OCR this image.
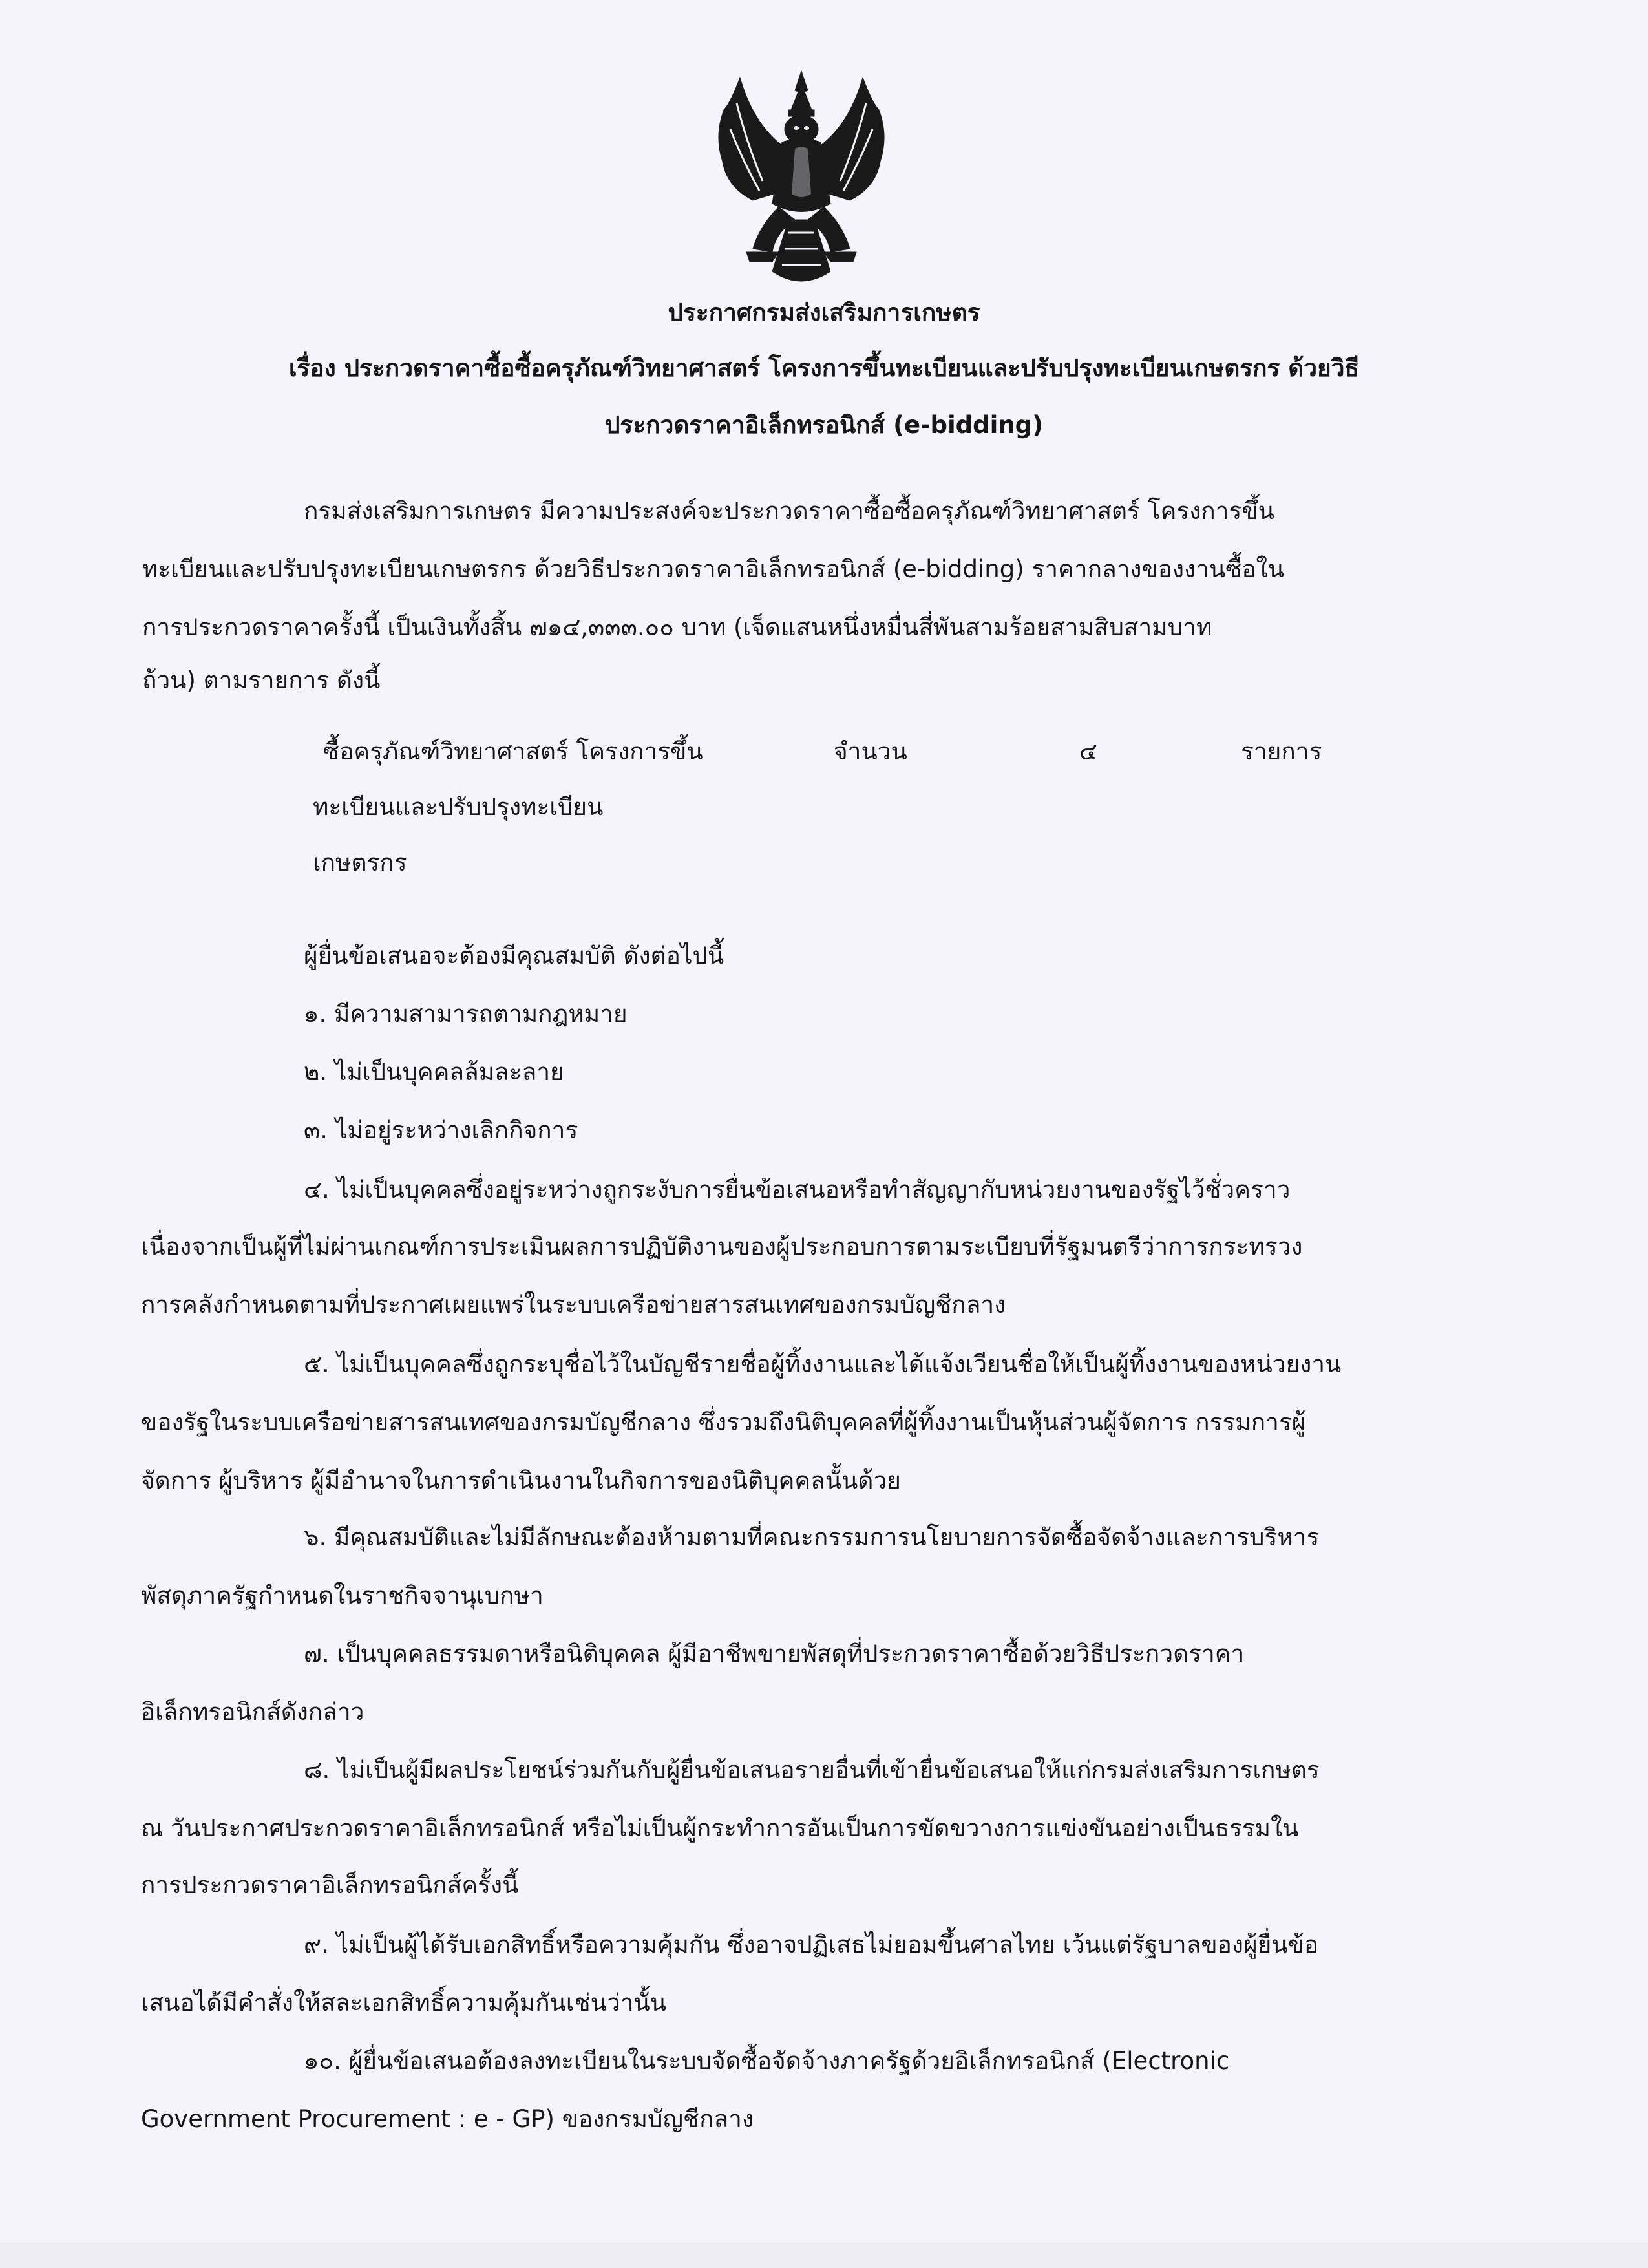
ประกาศกรมส่งเสริมการเกษตร
เรื่อง ประกวดราคาซื้อซื้อครุภัณฑ์วิทยาศาสตร์ โครงการขึ้นทะเบียนและปรับปรุงทะเบียนเกษตรกร ด้วยวิธี
ประกวดราคาอิเล็กทรอนิกส์ (e-bidding)
กรมส่งเสริมการเกษตร มีความประสงค์จะประกวดราคาซื้อซื้อครุภัณฑ์วิทยาศาสตร์ โครงการขึ้น
ทะเบียนและปรับปรุงทะเบียนเกษตรกร ด้วยวิธีประกวดราคาอิเล็กทรอนิกส์ (e-bidding) ราคากลางของงานซื้อใน
การประกวดราคาครั้งนี้ เป็นเงินทั้งสิ้น ๗๑๔,๓๓๓.๐๐ บาท (เจ็ดแสนหนึ่งหมื่นสี่พันสามร้อยสามสิบสามบาท
ถ้วน) ตามรายการ ดังนี้
ซื้อครุภัณฑ์วิทยาศาสตร์ โครงการขึ้น	จำนวน	๔	รายการ
ทะเบียนและปรับปรุงทะเบียน
เกษตรกร
ผู้ยื่นข้อเสนอจะต้องมีคุณสมบัติ ดังต่อไปนี้
๑. มีความสามารถตามกฎหมาย
๒. ไม่เป็นบุคคลล้มละลาย
๓. ไม่อยู่ระหว่างเลิกกิจการ
๔. ไม่เป็นบุคคลซึ่งอยู่ระหว่างถูกระงับการยื่นข้อเสนอหรือทำสัญญากับหน่วยงานของรัฐไว้ชั่วคราว
เนื่องจากเป็นผู้ที่ไม่ผ่านเกณฑ์การประเมินผลการปฏิบัติงานของผู้ประกอบการตามระเบียบที่รัฐมนตรีว่าการกระทรวง
การคลังกำหนดตามที่ประกาศเผยแพร่ในระบบเครือข่ายสารสนเทศของกรมบัญชีกลาง
๕. ไม่เป็นบุคคลซึ่งถูกระบุชื่อไว้ในบัญชีรายชื่อผู้ทิ้งงานและได้แจ้งเวียนชื่อให้เป็นผู้ทิ้งงานของหน่วยงาน
ของรัฐในระบบเครือข่ายสารสนเทศของกรมบัญชีกลาง ซึ่งรวมถึงนิติบุคคลที่ผู้ทิ้งงานเป็นหุ้นส่วนผู้จัดการ กรรมการผู้
จัดการ ผู้บริหาร ผู้มีอำนาจในการดำเนินงานในกิจการของนิติบุคคลนั้นด้วย
๖. มีคุณสมบัติและไม่มีลักษณะต้องห้ามตามที่คณะกรรมการนโยบายการจัดซื้อจัดจ้างและการบริหาร
พัสดุภาครัฐกำหนดในราชกิจจานุเบกษา
๗. เป็นบุคคลธรรมดาหรือนิติบุคคล ผู้มีอาชีพขายพัสดุที่ประกวดราคาซื้อด้วยวิธีประกวดราคา
อิเล็กทรอนิกส์ดังกล่าว
๘. ไม่เป็นผู้มีผลประโยชน์ร่วมกันกับผู้ยื่นข้อเสนอรายอื่นที่เข้ายื่นข้อเสนอให้แก่กรมส่งเสริมการเกษตร
ณ วันประกาศประกวดราคาอิเล็กทรอนิกส์ หรือไม่เป็นผู้กระทำการอันเป็นการขัดขวางการแข่งขันอย่างเป็นธรรมใน
การประกวดราคาอิเล็กทรอนิกส์ครั้งนี้
๙. ไม่เป็นผู้ได้รับเอกสิทธิ์หรือความคุ้มกัน ซึ่งอาจปฏิเสธไม่ยอมขึ้นศาลไทย เว้นแต่รัฐบาลของผู้ยื่นข้อ
เสนอได้มีคำสั่งให้สละเอกสิทธิ์ความคุ้มกันเช่นว่านั้น
๑๐. ผู้ยื่นข้อเสนอต้องลงทะเบียนในระบบจัดซื้อจัดจ้างภาครัฐด้วยอิเล็กทรอนิกส์ (Electronic
Government Procurement : e - GP) ของกรมบัญชีกลาง
